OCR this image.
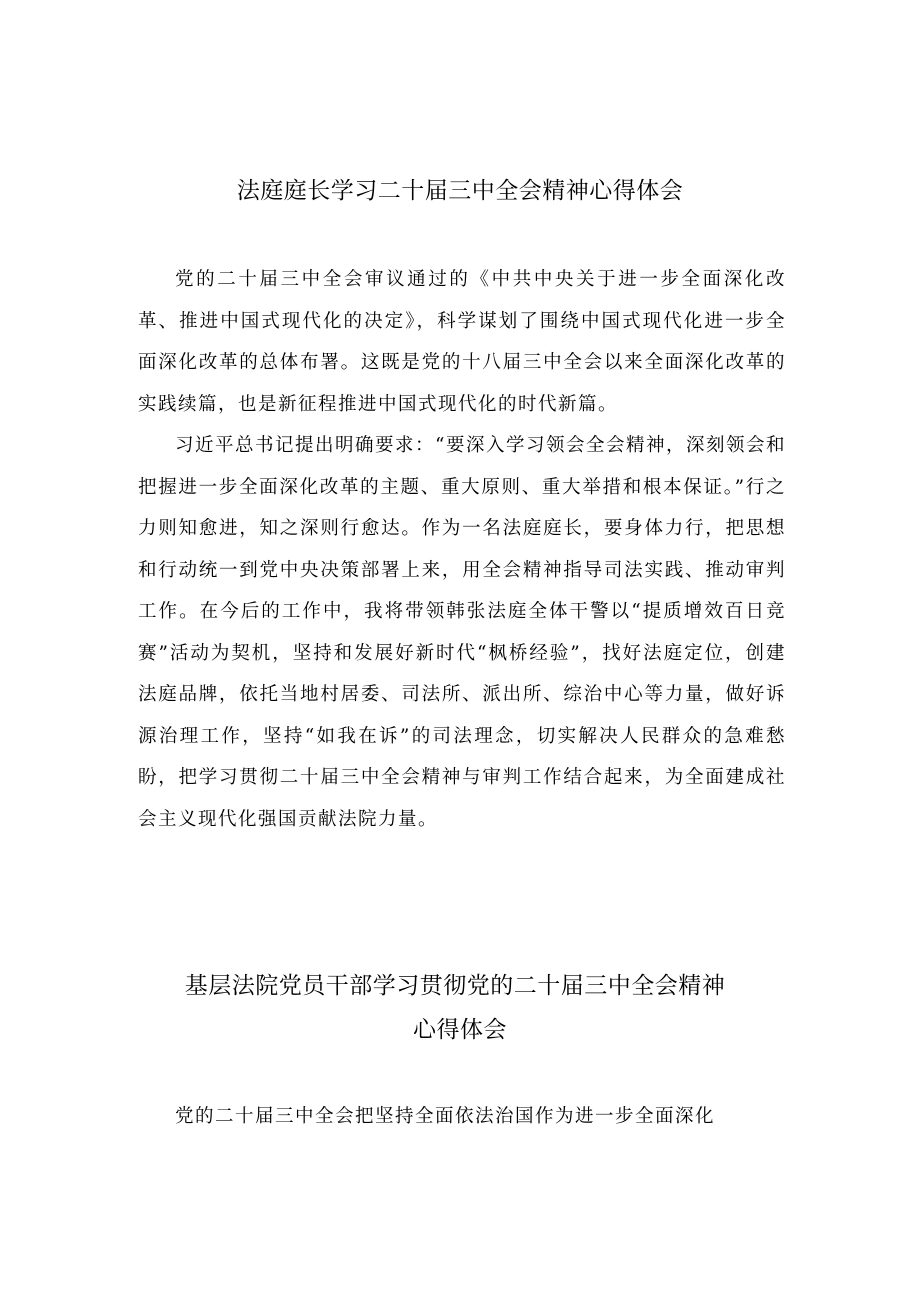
法庭庭长学习二十届三中全会精神心得体会

党的二十届三中全会审议通过的《中共中央关于进一步全面深化改革、推进中国式现代化的决定》，科学谋划了围绕中国式现代化进一步全面深化改革的总体布署。这既是党的十八届三中全会以来全面深化改革的实践续篇，也是新征程推进中国式现代化的时代新篇。

习近平总书记提出明确要求：“要深入学习领会全会精神，深刻领会和把握进一步全面深化改革的主题、重大原则、重大举措和根本保证。”行之力则知愈进，知之深则行愈达。作为一名法庭庭长，要身体力行，把思想和行动统一到党中央决策部署上来，用全会精神指导司法实践、推动审判工作。在今后的工作中，我将带领韩张法庭全体干警以“提质增效百日竞赛”活动为契机，坚持和发展好新时代“枫桥经验”，找好法庭定位，创建法庭品牌，依托当地村居委、司法所、派出所、综治中心等力量，做好诉源治理工作，坚持“如我在诉”的司法理念，切实解决人民群众的急难愁盼，把学习贯彻二十届三中全会精神与审判工作结合起来，为全面建成社会主义现代化强国贡献法院力量。

基层法院党员干部学习贯彻党的二十届三中全会精神
心得体会

党的二十届三中全会把坚持全面依法治国作为进一步全面深化
